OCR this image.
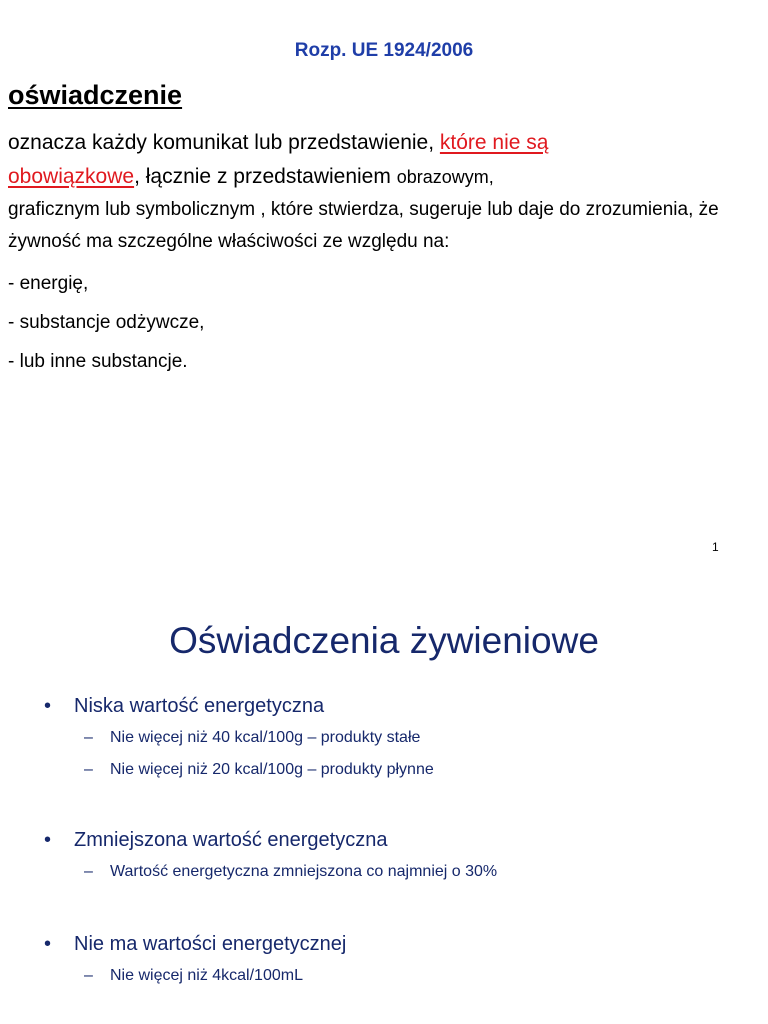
Rozp. UE 1924/2006
oświadczenie
oznacza każdy komunikat lub przedstawienie, które nie są
obowiązkowe, łącznie z przedstawieniem obrazowym,
graficznym lub symbolicznym , które stwierdza, sugeruje lub daje do zrozumienia, że żywność ma szczególne właściwości ze względu na:
- energię,
- substancje odżywcze,
- lub inne substancje.
1
Oświadczenia żywieniowe
• Niska wartość energetyczna
– Nie więcej niż 40 kcal/100g – produkty stałe
– Nie więcej niż 20 kcal/100g – produkty płynne
• Zmniejszona wartość energetyczna
– Wartość energetyczna zmniejszona co najmniej o 30%
• Nie ma wartości energetycznej
– Nie więcej niż 4kcal/100mL
